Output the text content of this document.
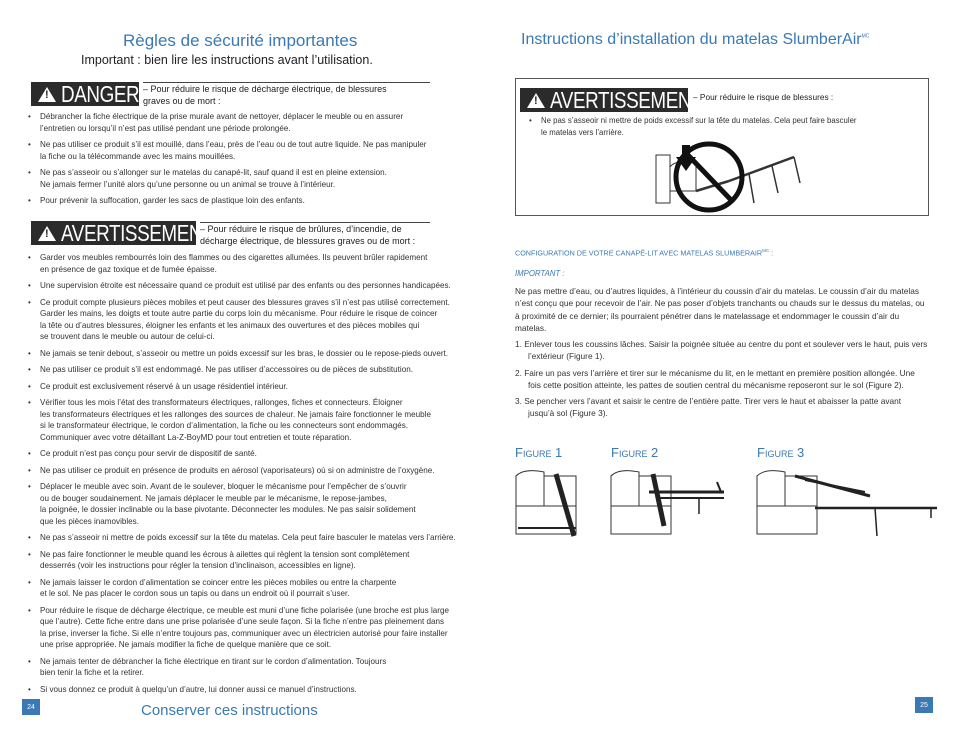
Règles de sécurité importantes
Important : bien lire les instructions avant l’utilisation.
!
DANGER – Pour réduire le risque de décharge électrique, de blessures
graves ou de mort :
• Débrancher la fiche électrique de la prise murale avant de nettoyer, déplacer le meuble ou en assurer
l’entretien ou lorsqu’il n’est pas utilisé pendant une période prolongée.
• Ne pas utiliser ce produit s’il est mouillé, dans l’eau, près de l’eau ou de tout autre liquide. Ne pas manipuler
la fiche ou la télécommande avec les mains mouillées.
• Ne pas s’asseoir ou s’allonger sur le matelas du canapé-lit, sauf quand il est en pleine extension.
Ne jamais fermer l’unité alors qu’une personne ou un animal se trouve à l’intérieur.
• Pour prévenir la suffocation, garder les sacs de plastique loin des enfants.
!
AVERTISSEMENT
– Pour réduire le risque de brûlures, d’incendie, de
décharge électrique, de blessures graves ou de mort :
• Garder vos meubles rembourrés loin des flammes ou des cigarettes allumées. Ils peuvent brûler rapidement
en présence de gaz toxique et de fumée épaisse.
• Une supervision étroite est nécessaire quand ce produit est utilisé par des enfants ou des personnes handicapées.
• Ce produit compte plusieurs pièces mobiles et peut causer des blessures graves s’il n’est pas utilisé correctement.
Garder les mains, les doigts et toute autre partie du corps loin du mécanisme. Pour réduire le risque de coincer
la tête ou d’autres blessures, éloigner les enfants et les animaux des ouvertures et des pièces mobiles qui
se trouvent dans le meuble ou autour de celui-ci.
• Ne jamais se tenir debout, s’asseoir ou mettre un poids excessif sur les bras, le dossier ou le repose-pieds ouvert.
• Ne pas utiliser ce produit s’il est endommagé. Ne pas utiliser d’accessoires ou de pièces de substitution.
• Ce produit est exclusivement réservé à un usage résidentiel intérieur.
• Vérifier tous les mois l’état des transformateurs électriques, rallonges, fiches et connecteurs. Éloigner
les transformateurs électriques et les rallonges des sources de chaleur. Ne jamais faire fonctionner le meuble
si le transformateur électrique, le cordon d’alimentation, la fiche ou les connecteurs sont endommagés.
Communiquer avec votre détaillant La-Z-BoyMD pour tout entretien et toute réparation.
• Ce produit n’est pas conçu pour servir de dispositif de santé.
• Ne pas utiliser ce produit en présence de produits en aérosol (vaporisateurs) où si on administre de l’oxygène.
• Déplacer le meuble avec soin. Avant de le soulever, bloquer le mécanisme pour l’empêcher de s’ouvrir
ou de bouger soudainement. Ne jamais déplacer le meuble par le mécanisme, le repose-jambes,
la poignée, le dossier inclinable ou la base pivotante. Déconnecter les modules. Ne pas saisir solidement
que les pièces inamovibles.
• Ne pas s’asseoir ni mettre de poids excessif sur la tête du matelas. Cela peut faire basculer le matelas vers l’arrière.
• Ne pas faire fonctionner le meuble quand les écrous à ailettes qui règlent la tension sont complètement
desserrés (voir les instructions pour régler la tension d’inclinaison, accessibles en ligne).
• Ne jamais laisser le cordon d’alimentation se coincer entre les pièces mobiles ou entre la charpente
et le sol. Ne pas placer le cordon sous un tapis ou dans un endroit où il pourrait s’user.
• Pour réduire le risque de décharge électrique, ce meuble est muni d’une fiche polarisée (une broche est plus large
que l’autre). Cette fiche entre dans une prise polarisée d’une seule façon. Si la fiche n’entre pas pleinement dans
la prise, inverser la fiche. Si elle n’entre toujours pas, communiquer avec un électricien autorisé pour faire installer
une prise appropriée. Ne jamais modifier la fiche de quelque manière que ce soit.
• Ne jamais tenter de débrancher la fiche électrique en tirant sur le cordon d’alimentation. Toujours
bien tenir la fiche et la retirer.
• Si vous donnez ce produit à quelqu’un d’autre, lui donner aussi ce manuel d’instructions.
24	Conserver ces instructions
Instructions d’installation du matelas SlumberAir$^{MC}$
!
AVERTISSEMENT
– Pour réduire le risque de blessures :
• Ne pas s’asseoir ni mettre de poids excessif sur la tête du matelas. Cela peut faire basculer
le matelas vers l’arrière.
CONFIGURATION DE VOTRE CANAPÉ-LIT AVEC MATELAS $SLUMBERAIR^{MC}$ :
IMPORTANT :
Ne pas mettre d’eau, ou d’autres liquides, à l’intérieur du coussin d’air du matelas. Le coussin d’air du matelas n’est conçu que pour recevoir de l’air. Ne pas poser d’objets tranchants ou chauds sur le dessus du matelas, ou à proximité de ce dernier; ils pourraient pénétrer dans le matelassage et endommager le coussin d’air du matelas.
1. Enlever tous les coussins lâches. Saisir la poignée située au centre du pont et soulever vers le haut, puis vers l’extérieur (Figure 1).
2. Faire un pas vers l’arrière et tirer sur le mécanisme du lit, en le mettant en première position allongée. Une fois cette position atteinte, les pattes de soutien central du mécanisme reposeront sur le sol (Figure 2).
3. Se pencher vers l’avant et saisir le centre de l’entière patte. Tirer vers le haut et abaisser la patte avant jusqu’à sol (Figure 3).
Figure 1	Figure 2	Figure 3
25
